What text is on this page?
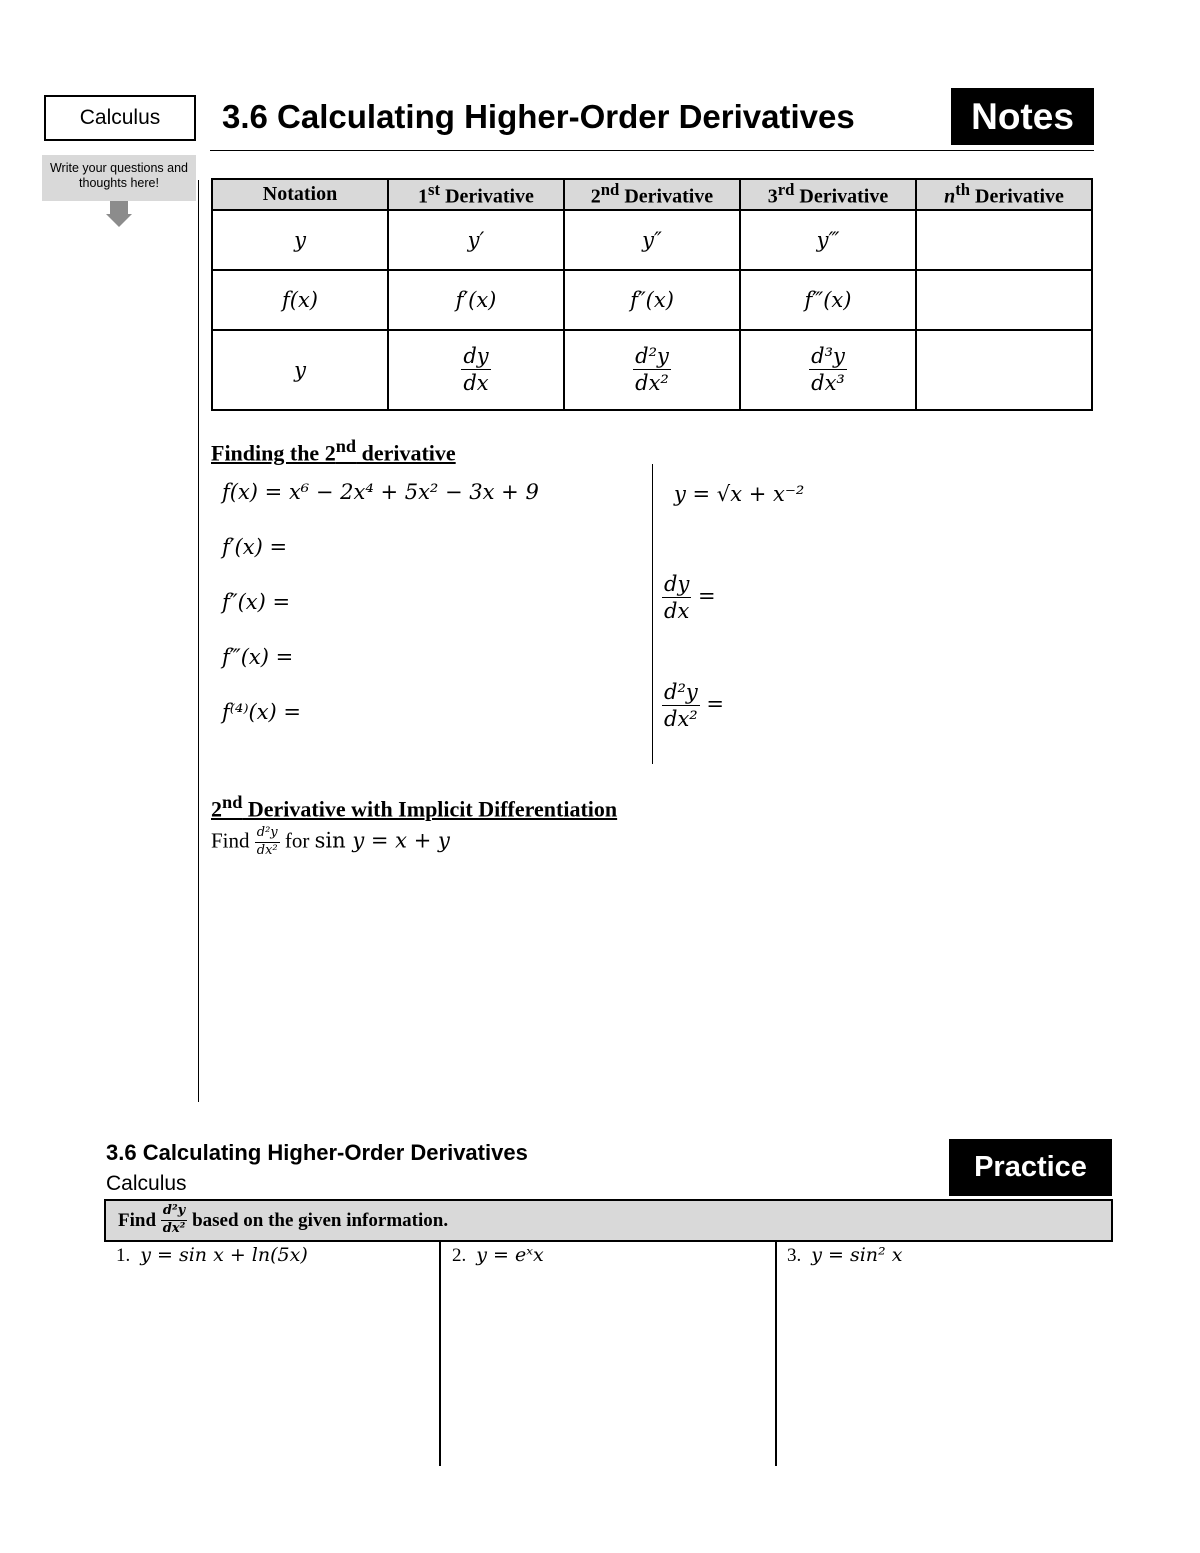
Calculus
Write your questions and thoughts here!
3.6 Calculating Higher-Order Derivatives	Notes
Notation	1st Derivative	2nd Derivative	3rd Derivative	$n^{th}$ Derivative
y	y′	y″	y‴	
f(x)	f′(x)	f″(x)	f‴(x)	
y	$\frac{dy}{dx}$	$\frac{\text{d²y}}{\text{dx²}}$	$\frac{\text{d³y}}{\text{dx³}}$

Finding the 2nd derivative
f(x) = x⁶ − 2x⁴ + 5x² − 3x + 9
f′(x) =
f″(x) =
f‴(x) =
f⁽⁴⁾(x) =
y = √x + x⁻²
$\frac{dy}{dx}$ =
$\frac{\text{d²y}}{\text{dx²}}$ =
2nd Derivative with Implicit Differentiation
Find $\frac{\text{d²y}}{\text{dx²}}$ for sin y = x + y
3.6 Calculating Higher-Order Derivatives
Calculus
Practice
Find $\frac{\text{d²y}}{\text{dx²}}$ based on the given information.
1. y = sin x + ln(5x)	2. y = eˣx	3. y = sin² x
